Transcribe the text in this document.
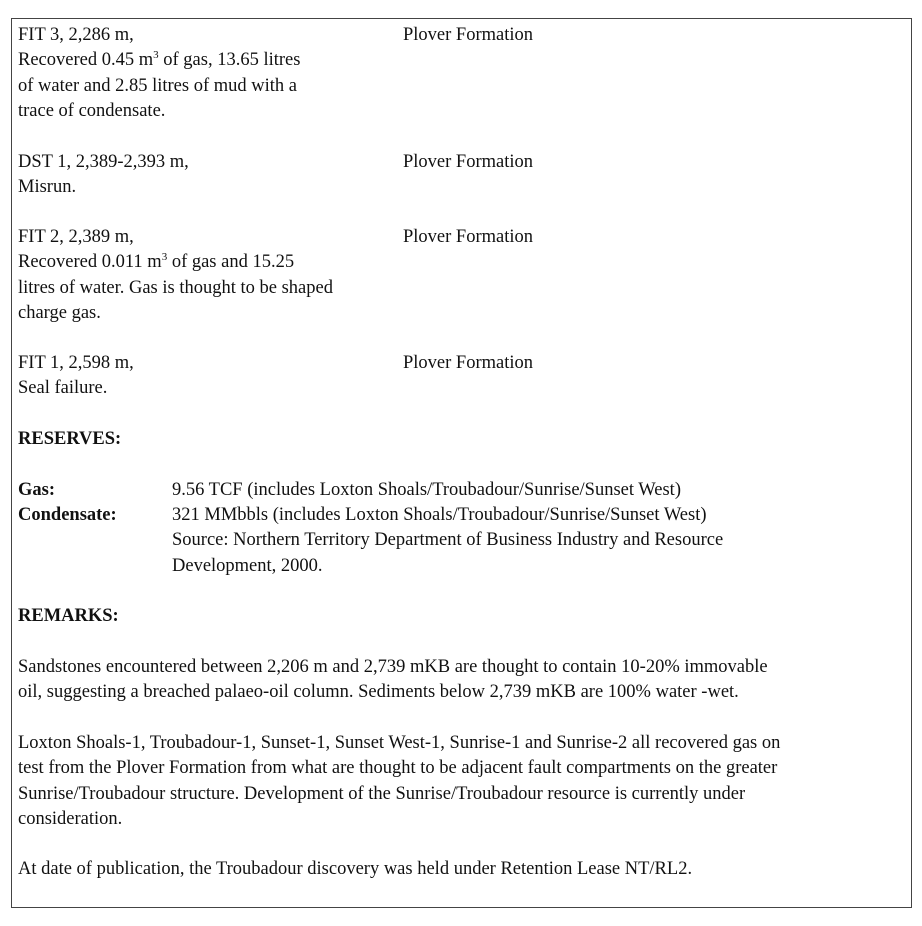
FIT 3, 2,286 m,
Recovered 0.45 $m^3$ of gas, 13.65 litres
of water and 2.85 litres of mud with a
trace of condensate.
Plover Formation
DST 1, 2,389-2,393 m,
Misrun.
Plover Formation
FIT 2, 2,389 m,
Recovered 0.011 $m^3$ of gas and 15.25
litres of water. Gas is thought to be shaped
charge gas.
Plover Formation
FIT 1, 2,598 m,
Seal failure.
Plover Formation
RESERVES:
Gas:	9.56 TCF (includes Loxton Shoals/Troubadour/Sunrise/Sunset West)
Condensate:	321 MMbbls (includes Loxton Shoals/Troubadour/Sunrise/Sunset West)
Source: Northern Territory Department of Business Industry and Resource
Development, 2000.
REMARKS:
Sandstones encountered between 2,206 m and 2,739 mKB are thought to contain 10-20% immovable
oil, suggesting a breached palaeo-oil column. Sediments below 2,739 mKB are 100% water -wet.
Loxton Shoals-1, Troubadour-1, Sunset-1, Sunset West-1, Sunrise-1 and Sunrise-2 all recovered gas on
test from the Plover Formation from what are thought to be adjacent fault compartments on the greater
Sunrise/Troubadour structure. Development of the Sunrise/Troubadour resource is currently under
consideration.
At date of publication, the Troubadour discovery was held under Retention Lease NT/RL2.
